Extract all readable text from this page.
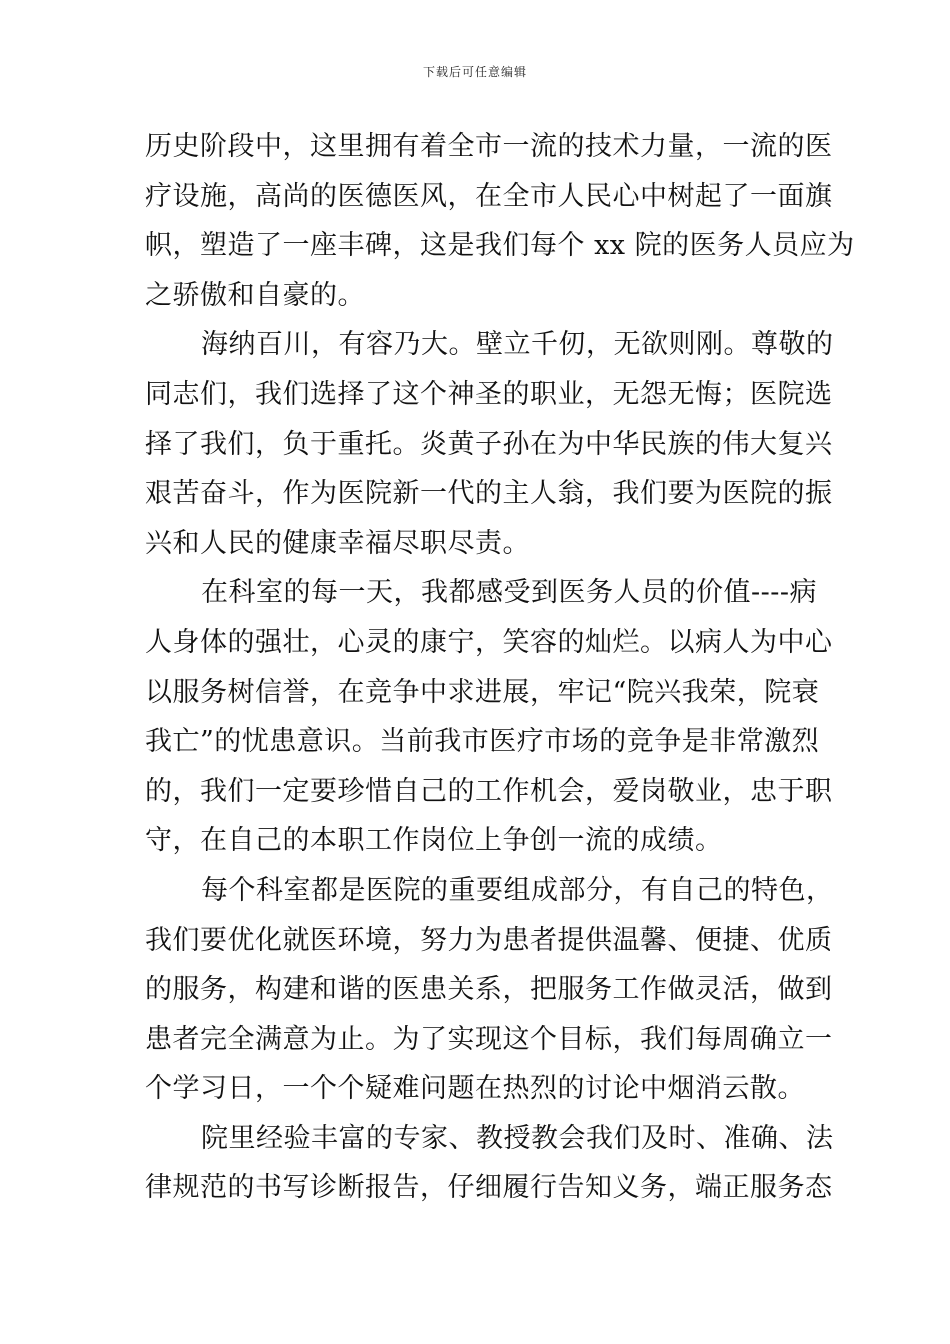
下载后可任意编辑
历史阶段中，这里拥有着全市一流的技术力量，一流的医
疗设施，高尚的医德医风，在全市人民心中树起了一面旗
帜，塑造了一座丰碑，这是我们每个 xx 院的医务人员应为
之骄傲和自豪的。
海纳百川，有容乃大。壁立千仞，无欲则刚。尊敬的
同志们，我们选择了这个神圣的职业，无怨无悔；医院选
择了我们，负于重托。炎黄子孙在为中华民族的伟大复兴
艰苦奋斗，作为医院新一代的主人翁，我们要为医院的振
兴和人民的健康幸福尽职尽责。
在科室的每一天，我都感受到医务人员的价值----病
人身体的强壮，心灵的康宁，笑容的灿烂。以病人为中心
以服务树信誉，在竞争中求进展，牢记“院兴我荣，院衰
我亡”的忧患意识。当前我市医疗市场的竞争是非常激烈
的，我们一定要珍惜自己的工作机会，爱岗敬业，忠于职
守，在自己的本职工作岗位上争创一流的成绩。
每个科室都是医院的重要组成部分，有自己的特色，
我们要优化就医环境，努力为患者提供温馨、便捷、优质
的服务，构建和谐的医患关系，把服务工作做灵活，做到
患者完全满意为止。为了实现这个目标，我们每周确立一
个学习日，一个个疑难问题在热烈的讨论中烟消云散。
院里经验丰富的专家、教授教会我们及时、准确、法
律规范的书写诊断报告，仔细履行告知义务，端正服务态
